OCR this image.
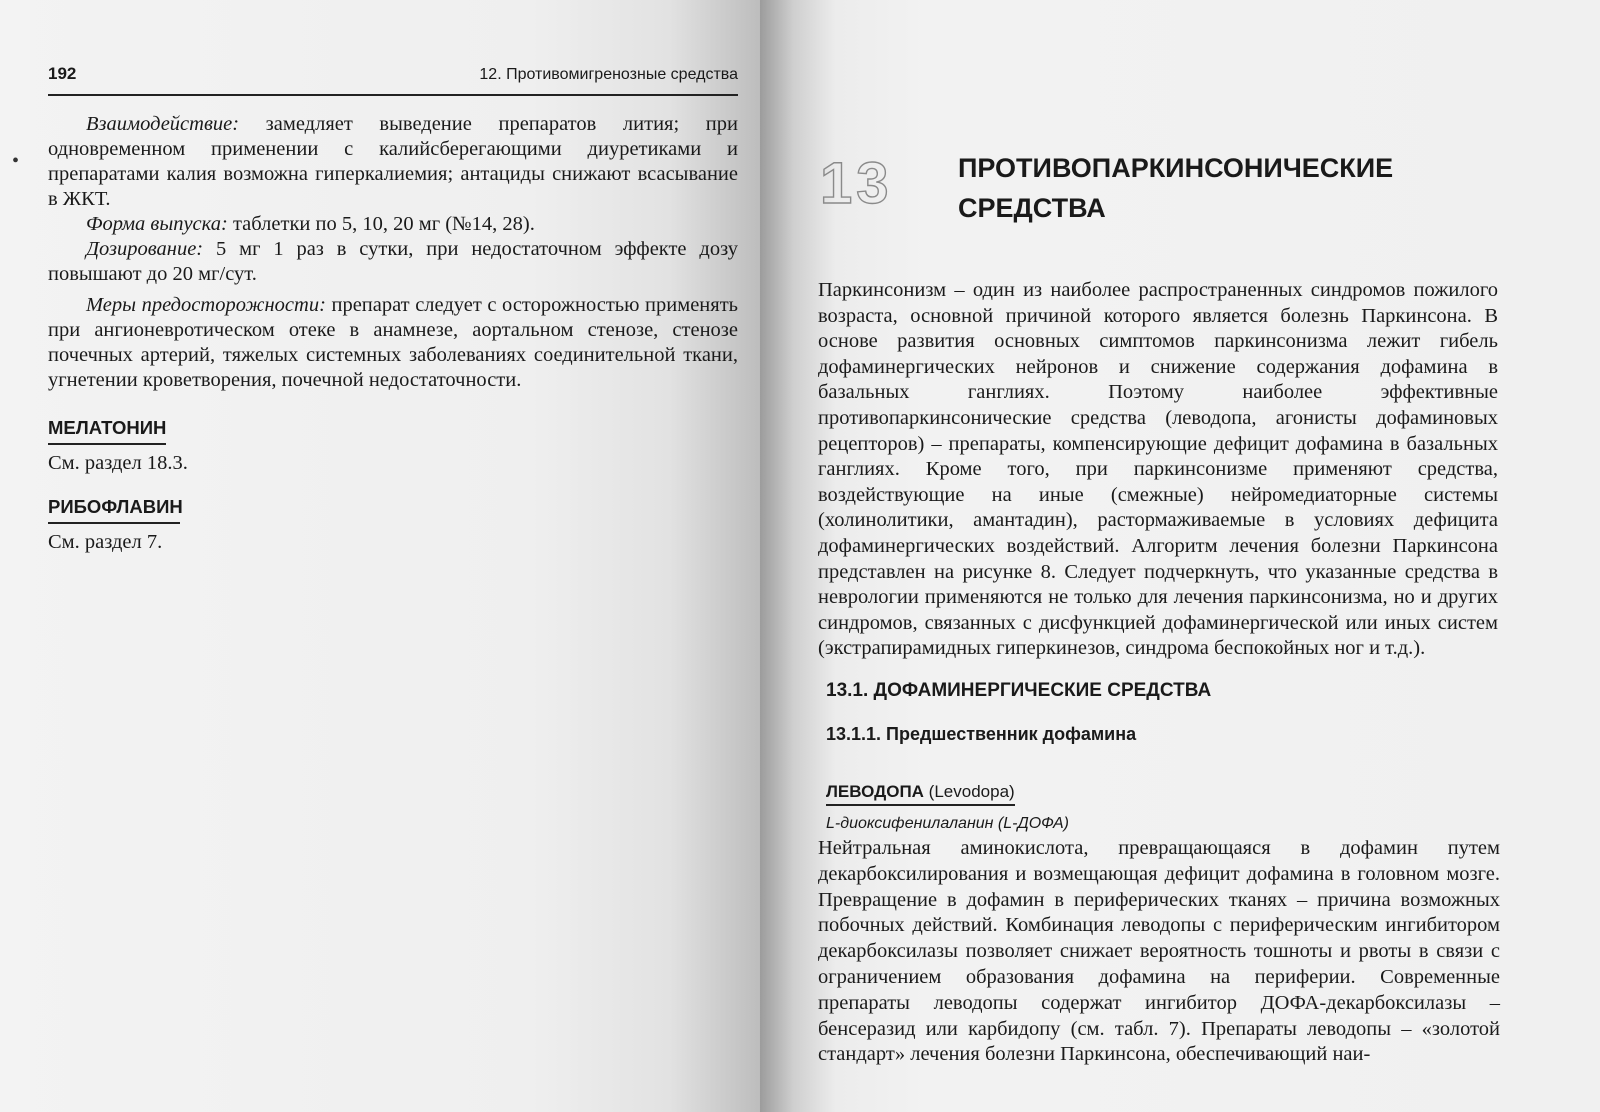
192	12. Противомигренозные средства
•

Взаимодействие: замедляет выведение препаратов лития; при одновременном применении с калийсберегающими диуретиками и препаратами калия возможна гиперкалиемия; антациды снижают всасывание в ЖКТ.

Форма выпуска: таблетки по 5, 10, 20 мг (№14, 28).

Дозирование: 5 мг 1 раз в сутки, при недостаточном эффекте дозу повышают до 20 мг/сут.

Меры предосторожности: препарат следует с осторожностью применять при ангионевротическом отеке в анамнезе, аортальном стенозе, стенозе почечных артерий, тяжелых системных заболеваниях соединительной ткани, угнетении кроветворения, почечной недостаточности.

МЕЛАТОНИН
См. раздел 18.3.
РИБОФЛАВИН
См. раздел 7.
13 ПРОТИВОПАРКИНСОНИЧЕСКИЕ СРЕДСТВА

Паркинсонизм – один из наиболее распространенных синдромов пожилого возраста, основной причиной которого является болезнь Паркинсона. В основе развития основных симптомов паркинсонизма лежит гибель дофаминергических нейронов и снижение содержания дофамина в базальных ганглиях. Поэтому наиболее эффективные противопаркинсонические средства (леводопа, агонисты дофаминовых рецепторов) – препараты, компенсирующие дефицит дофамина в базальных ганглиях. Кроме того, при паркинсонизме применяют средства, воздействующие на иные (смежные) нейромедиаторные системы (холинолитики, амантадин), растормаживаемые в условиях дефицита дофаминергических воздействий. Алгоритм лечения болезни Паркинсона представлен на рисунке 8. Следует подчеркнуть, что указанные средства в неврологии применяются не только для лечения паркинсонизма, но и других синдромов, связанных с дисфункцией дофаминергической или иных систем (экстрапирамидных гиперкинезов, синдрома беспокойных ног и т.д.).

13.1. ДОФАМИНЕРГИЧЕСКИЕ СРЕДСТВА
13.1.1. Предшественник дофамина
ЛЕВОДОПА (Levodopa)
L-диоксифенилаланин (L-ДОФА)

Нейтральная аминокислота, превращающаяся в дофамин путем декарбоксилирования и возмещающая дефицит дофамина в головном мозге. Превращение в дофамин в периферических тканях – причина возможных побочных действий. Комбинация леводопы с периферическим ингибитором декарбоксилазы позволяет снижает вероятность тошноты и рвоты в связи с ограничением образования дофамина на периферии. Современные препараты леводопы содержат ингибитор ДОФА-декарбоксилазы – бенсеразид или карбидопу (см. табл. 7). Препараты леводопы – «золотой стандарт» лечения болезни Паркинсона, обеспечивающий наи-
